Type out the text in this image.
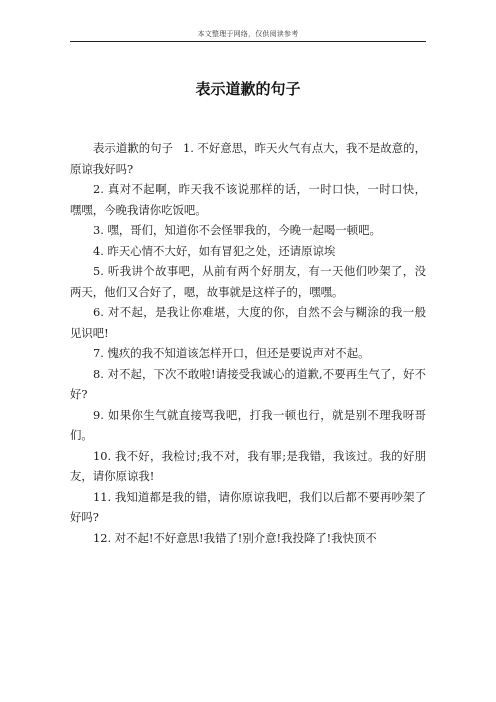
本文整理于网络，仅供阅读参考
表示道歉的句子

表示道歉的句子 1. 不好意思，昨天火气有点大，我不是故意的，原谅我好吗?

2. 真对不起啊，昨天我不该说那样的话，一时口快，一时口快，嘿嘿，今晚我请你吃饭吧。

3. 嘿，哥们，知道你不会怪罪我的，今晚一起喝一顿吧。

4. 昨天心情不大好，如有冒犯之处，还请原谅埃

5. 听我讲个故事吧，从前有两个好朋友，有一天他们吵架了，没两天，他们又合好了，嗯，故事就是这样子的，嘿嘿。

6. 对不起，是我让你难堪，大度的你，自然不会与糊涂的我一般见识吧!

7. 愧疚的我不知道该怎样开口，但还是要说声对不起。

8. 对不起，下次不敢啦!请接受我诚心的道歉,不要再生气了，好不好?

9. 如果你生气就直接骂我吧，打我一顿也行，就是别不理我呀哥们。

10. 我不好，我检讨;我不对，我有罪;是我错，我该过。我的好朋友，请你原谅我!

11. 我知道都是我的错，请你原谅我吧，我们以后都不要再吵架了好吗?

12. 对不起!不好意思!我错了!别介意!我投降了!我快顶不
